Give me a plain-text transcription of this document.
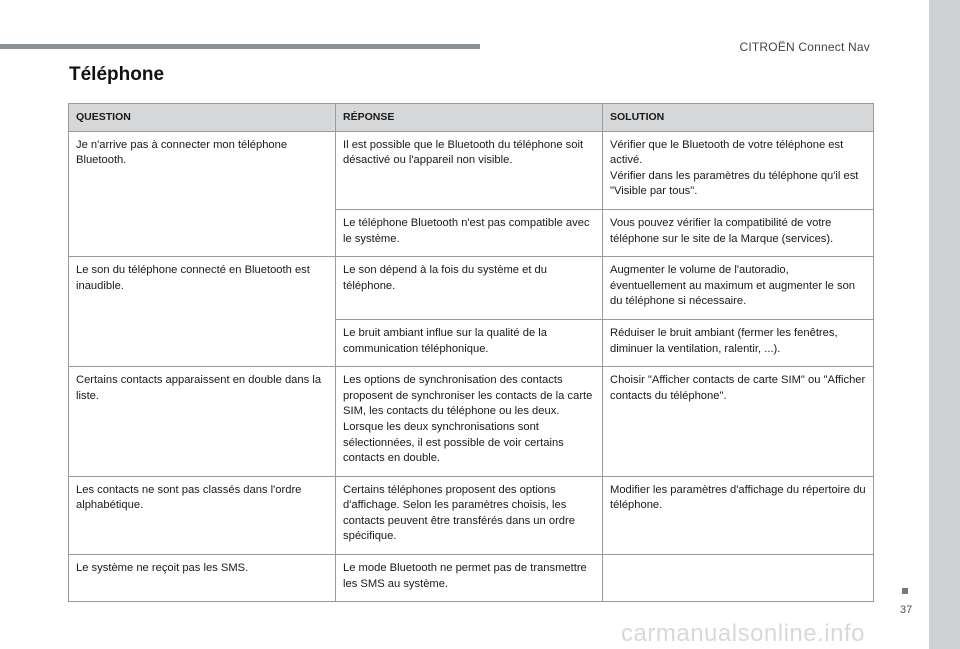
CITROËN Connect Nav
Téléphone
QUESTION	RÉPONSE	SOLUTION
Je n'arrive pas à connecter mon téléphone Bluetooth.	Il est possible que le Bluetooth du téléphone soit désactivé ou l'appareil non visible.	Vérifier que le Bluetooth de votre téléphone est activé.
Vérifier dans les paramètres du téléphone qu'il est "Visible par tous".

	Le téléphone Bluetooth n'est pas compatible avec le système.	Vous pouvez vérifier la compatibilité de votre téléphone sur le site de la Marque (services).

Le son du téléphone connecté en Bluetooth est inaudible.	Le son dépend à la fois du système et du téléphone.	Augmenter le volume de l'autoradio, éventuellement au maximum et augmenter le son du téléphone si nécessaire.

	Le bruit ambiant influe sur la qualité de la communication téléphonique.	Réduiser le bruit ambiant (fermer les fenêtres, diminuer la ventilation, ralentir, ...).

Certains contacts apparaissent en double dans la liste.	Les options de synchronisation des contacts proposent de synchroniser les contacts de la carte SIM, les contacts du téléphone ou les deux. Lorsque les deux synchronisations sont sélectionnées, il est possible de voir certains contacts en double.	Choisir "Afficher contacts de carte SIM" ou "Afficher contacts du téléphone".

Les contacts ne sont pas classés dans l'ordre alphabétique.	Certains téléphones proposent des options d'affichage. Selon les paramètres choisis, les contacts peuvent être transférés dans un ordre spécifique.	Modifier les paramètres d'affichage du répertoire du téléphone.

Le système ne reçoit pas les SMS.	Le mode Bluetooth ne permet pas de transmettre les SMS au système.	
37
carmanualsonline.info
